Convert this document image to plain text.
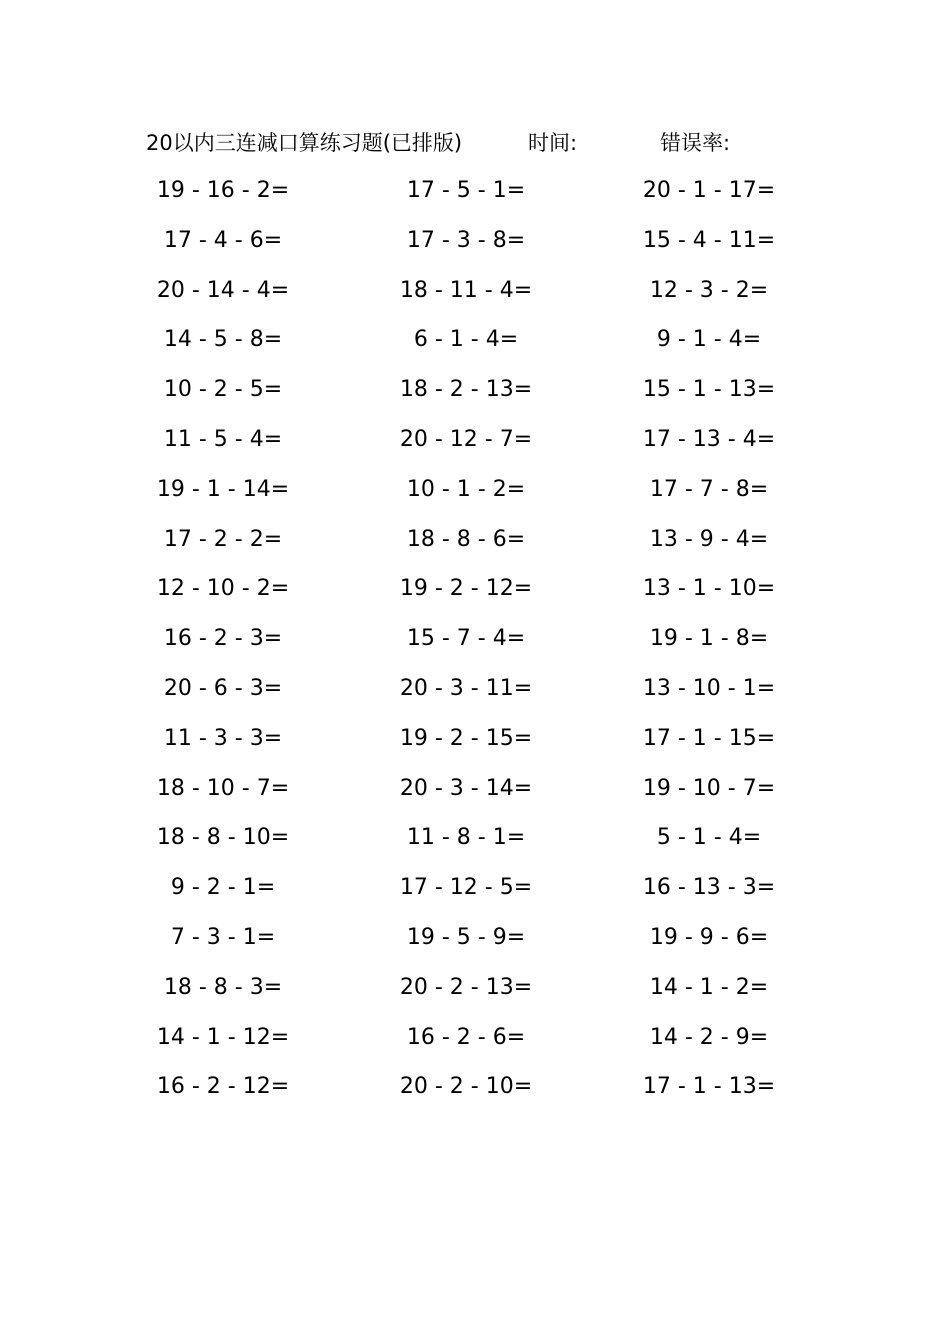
20以内三连减口算练习题(已排版)	时间:	错误率:
19 - 16 - 2=	17 - 5 - 1=	20 - 1 - 17=
17 - 4 - 6=	17 - 3 - 8=	15 - 4 - 11=
20 - 14 - 4=	18 - 11 - 4=	12 - 3 - 2=
14 - 5 - 8=	6 - 1 - 4=	9 - 1 - 4=
10 - 2 - 5=	18 - 2 - 13=	15 - 1 - 13=
11 - 5 - 4=	20 - 12 - 7=	17 - 13 - 4=
19 - 1 - 14=	10 - 1 - 2=	17 - 7 - 8=
17 - 2 - 2=	18 - 8 - 6=	13 - 9 - 4=
12 - 10 - 2=	19 - 2 - 12=	13 - 1 - 10=
16 - 2 - 3=	15 - 7 - 4=	19 - 1 - 8=
20 - 6 - 3=	20 - 3 - 11=	13 - 10 - 1=
11 - 3 - 3=	19 - 2 - 15=	17 - 1 - 15=
18 - 10 - 7=	20 - 3 - 14=	19 - 10 - 7=
18 - 8 - 10=	11 - 8 - 1=	5 - 1 - 4=
9 - 2 - 1=	17 - 12 - 5=	16 - 13 - 3=
7 - 3 - 1=	19 - 5 - 9=	19 - 9 - 6=
18 - 8 - 3=	20 - 2 - 13=	14 - 1 - 2=
14 - 1 - 12=	16 - 2 - 6=	14 - 2 - 9=
16 - 2 - 12=	20 - 2 - 10=	17 - 1 - 13=
